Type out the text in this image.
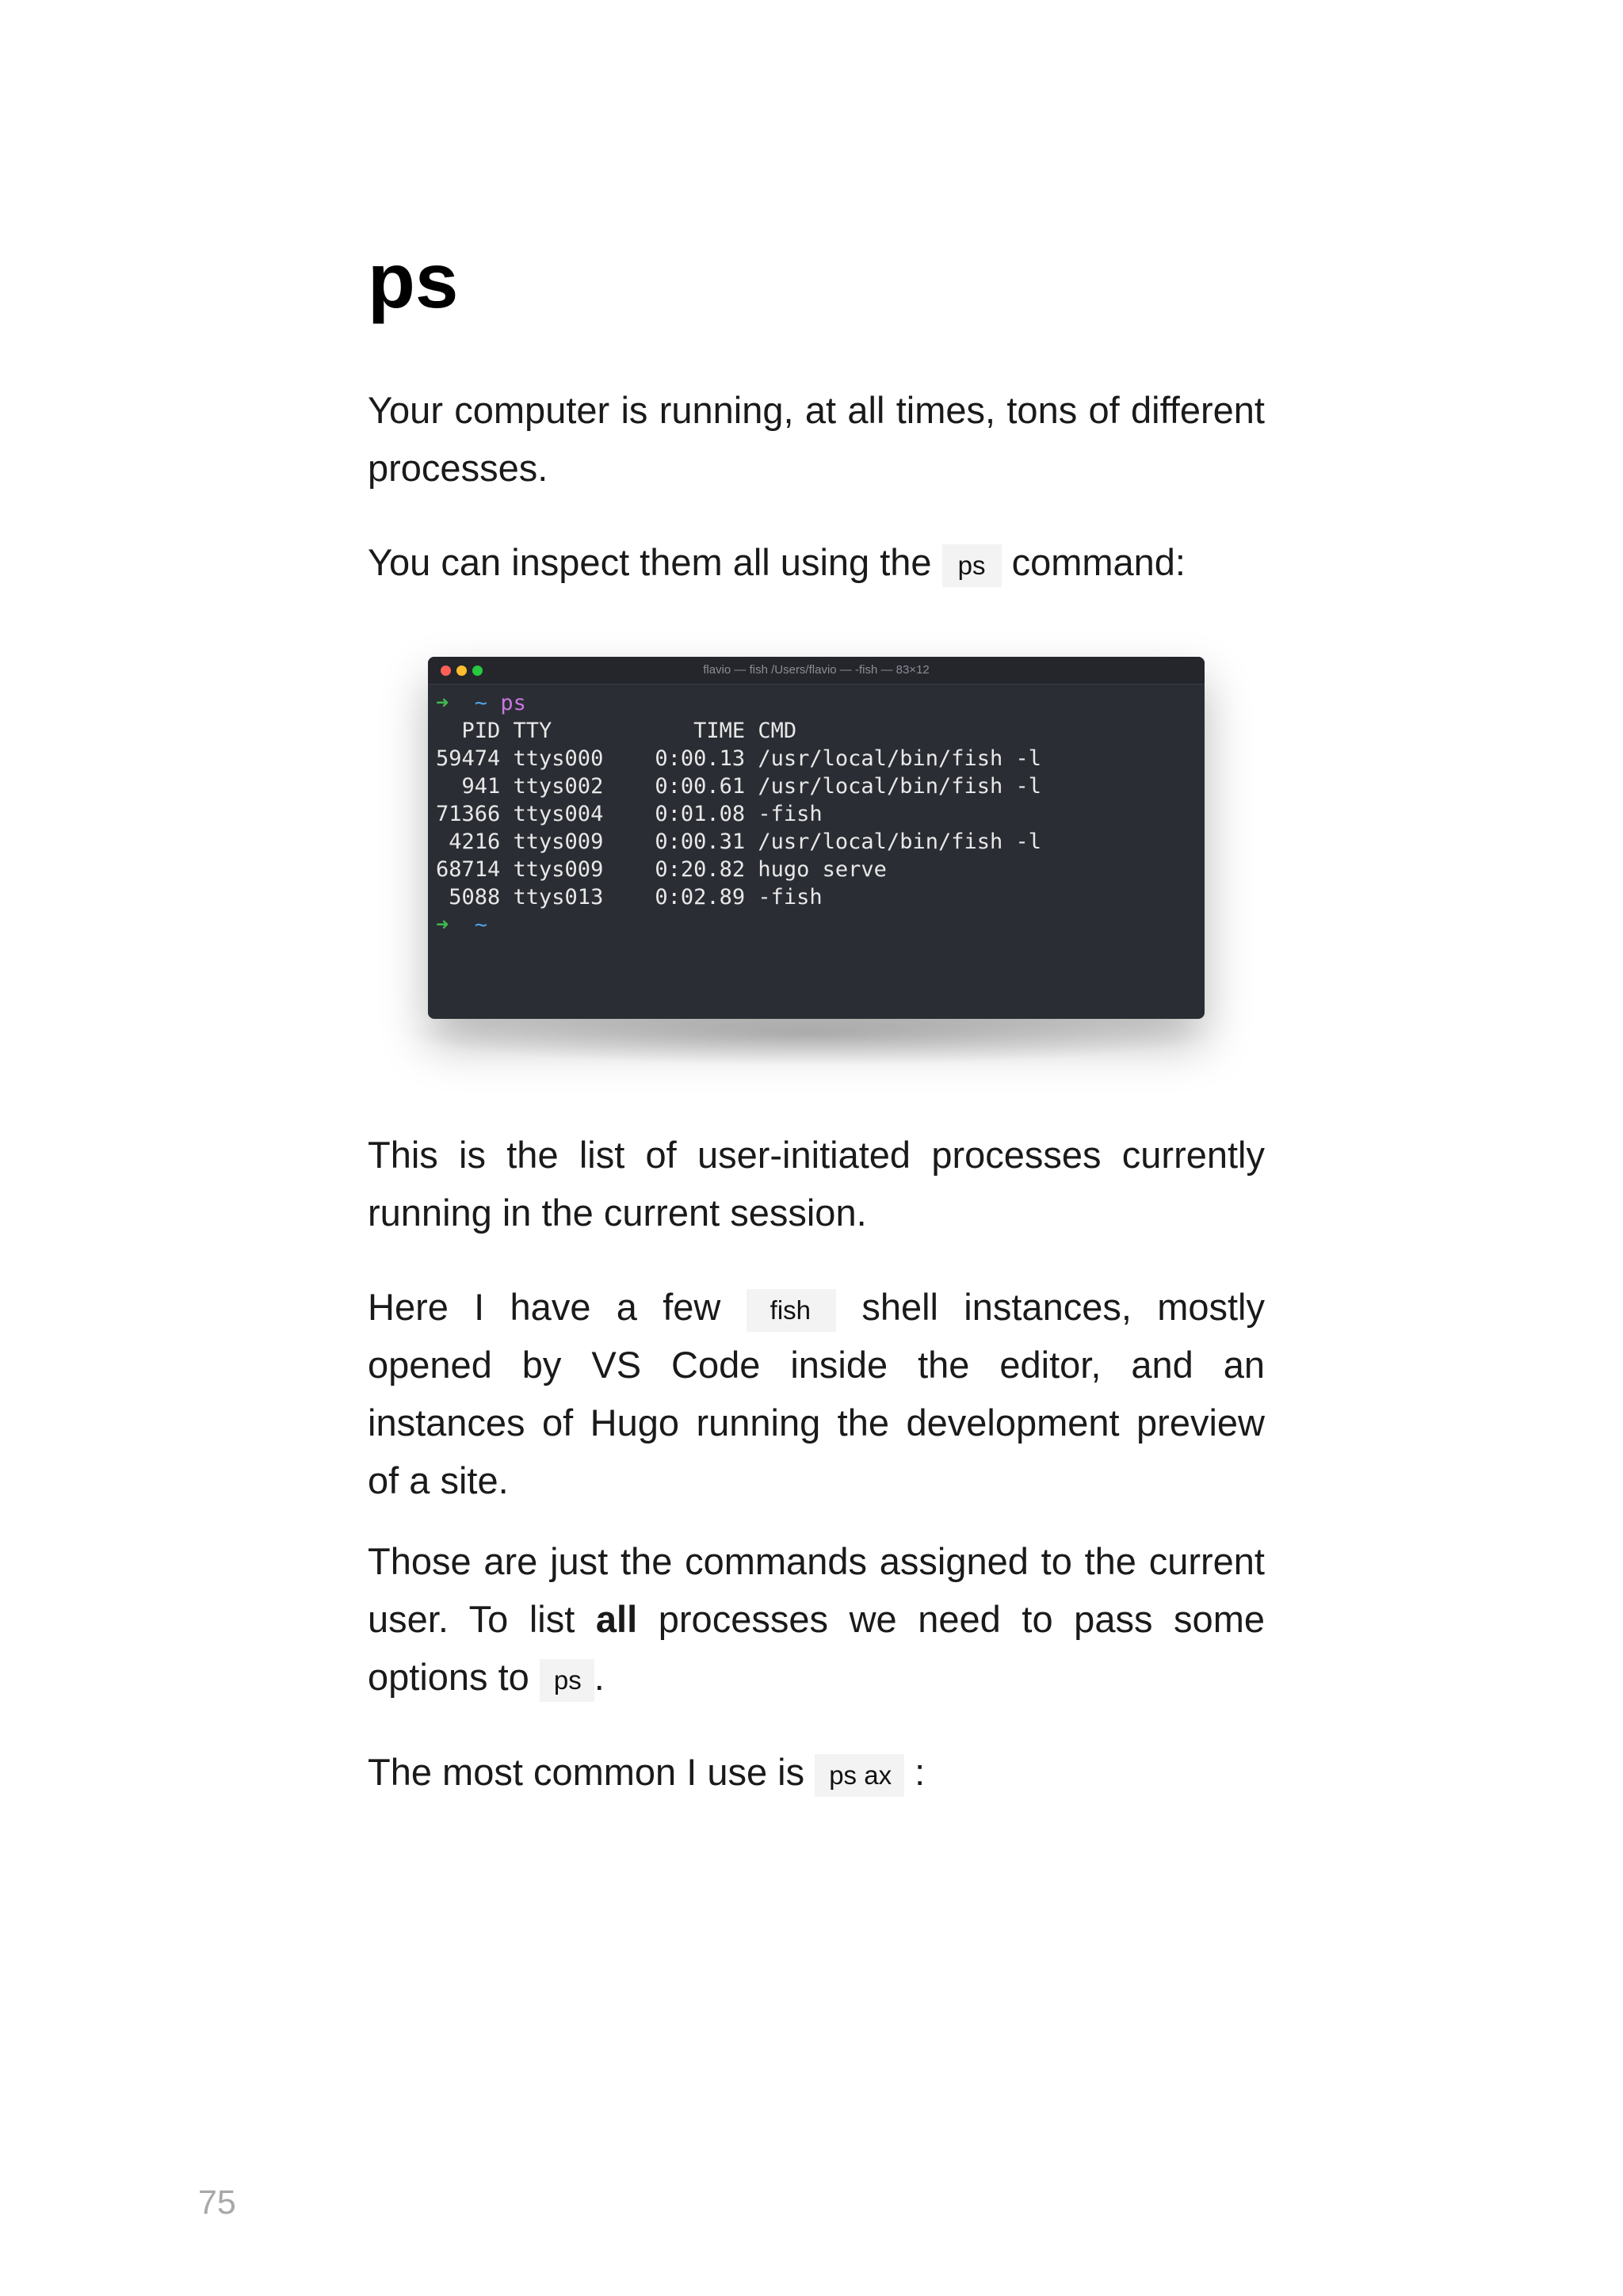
ps

Your computer is running, at all times, tons of different processes.

You can inspect them all using the ps command:

flavio — fish /Users/flavio — -fish — 83×12
➜ ~ ps
PID TTY           TIME CMD
59474 ttys000    0:00.13 /usr/local/bin/fish -l
941 ttys002    0:00.61 /usr/local/bin/fish -l
71366 ttys004    0:01.08 -fish
4216 ttys009    0:00.31 /usr/local/bin/fish -l
68714 ttys009    0:20.82 hugo serve
5088 ttys013    0:02.89 -fish
➜ ~

This is the list of user-initiated processes currently running in the current session.

Here I have a few fish shell instances, mostly opened by VS Code inside the editor, and an instances of Hugo running the development preview of a site.

Those are just the commands assigned to the current user. To list all processes we need to pass some options to ps .

The most common I use is ps ax :

75
